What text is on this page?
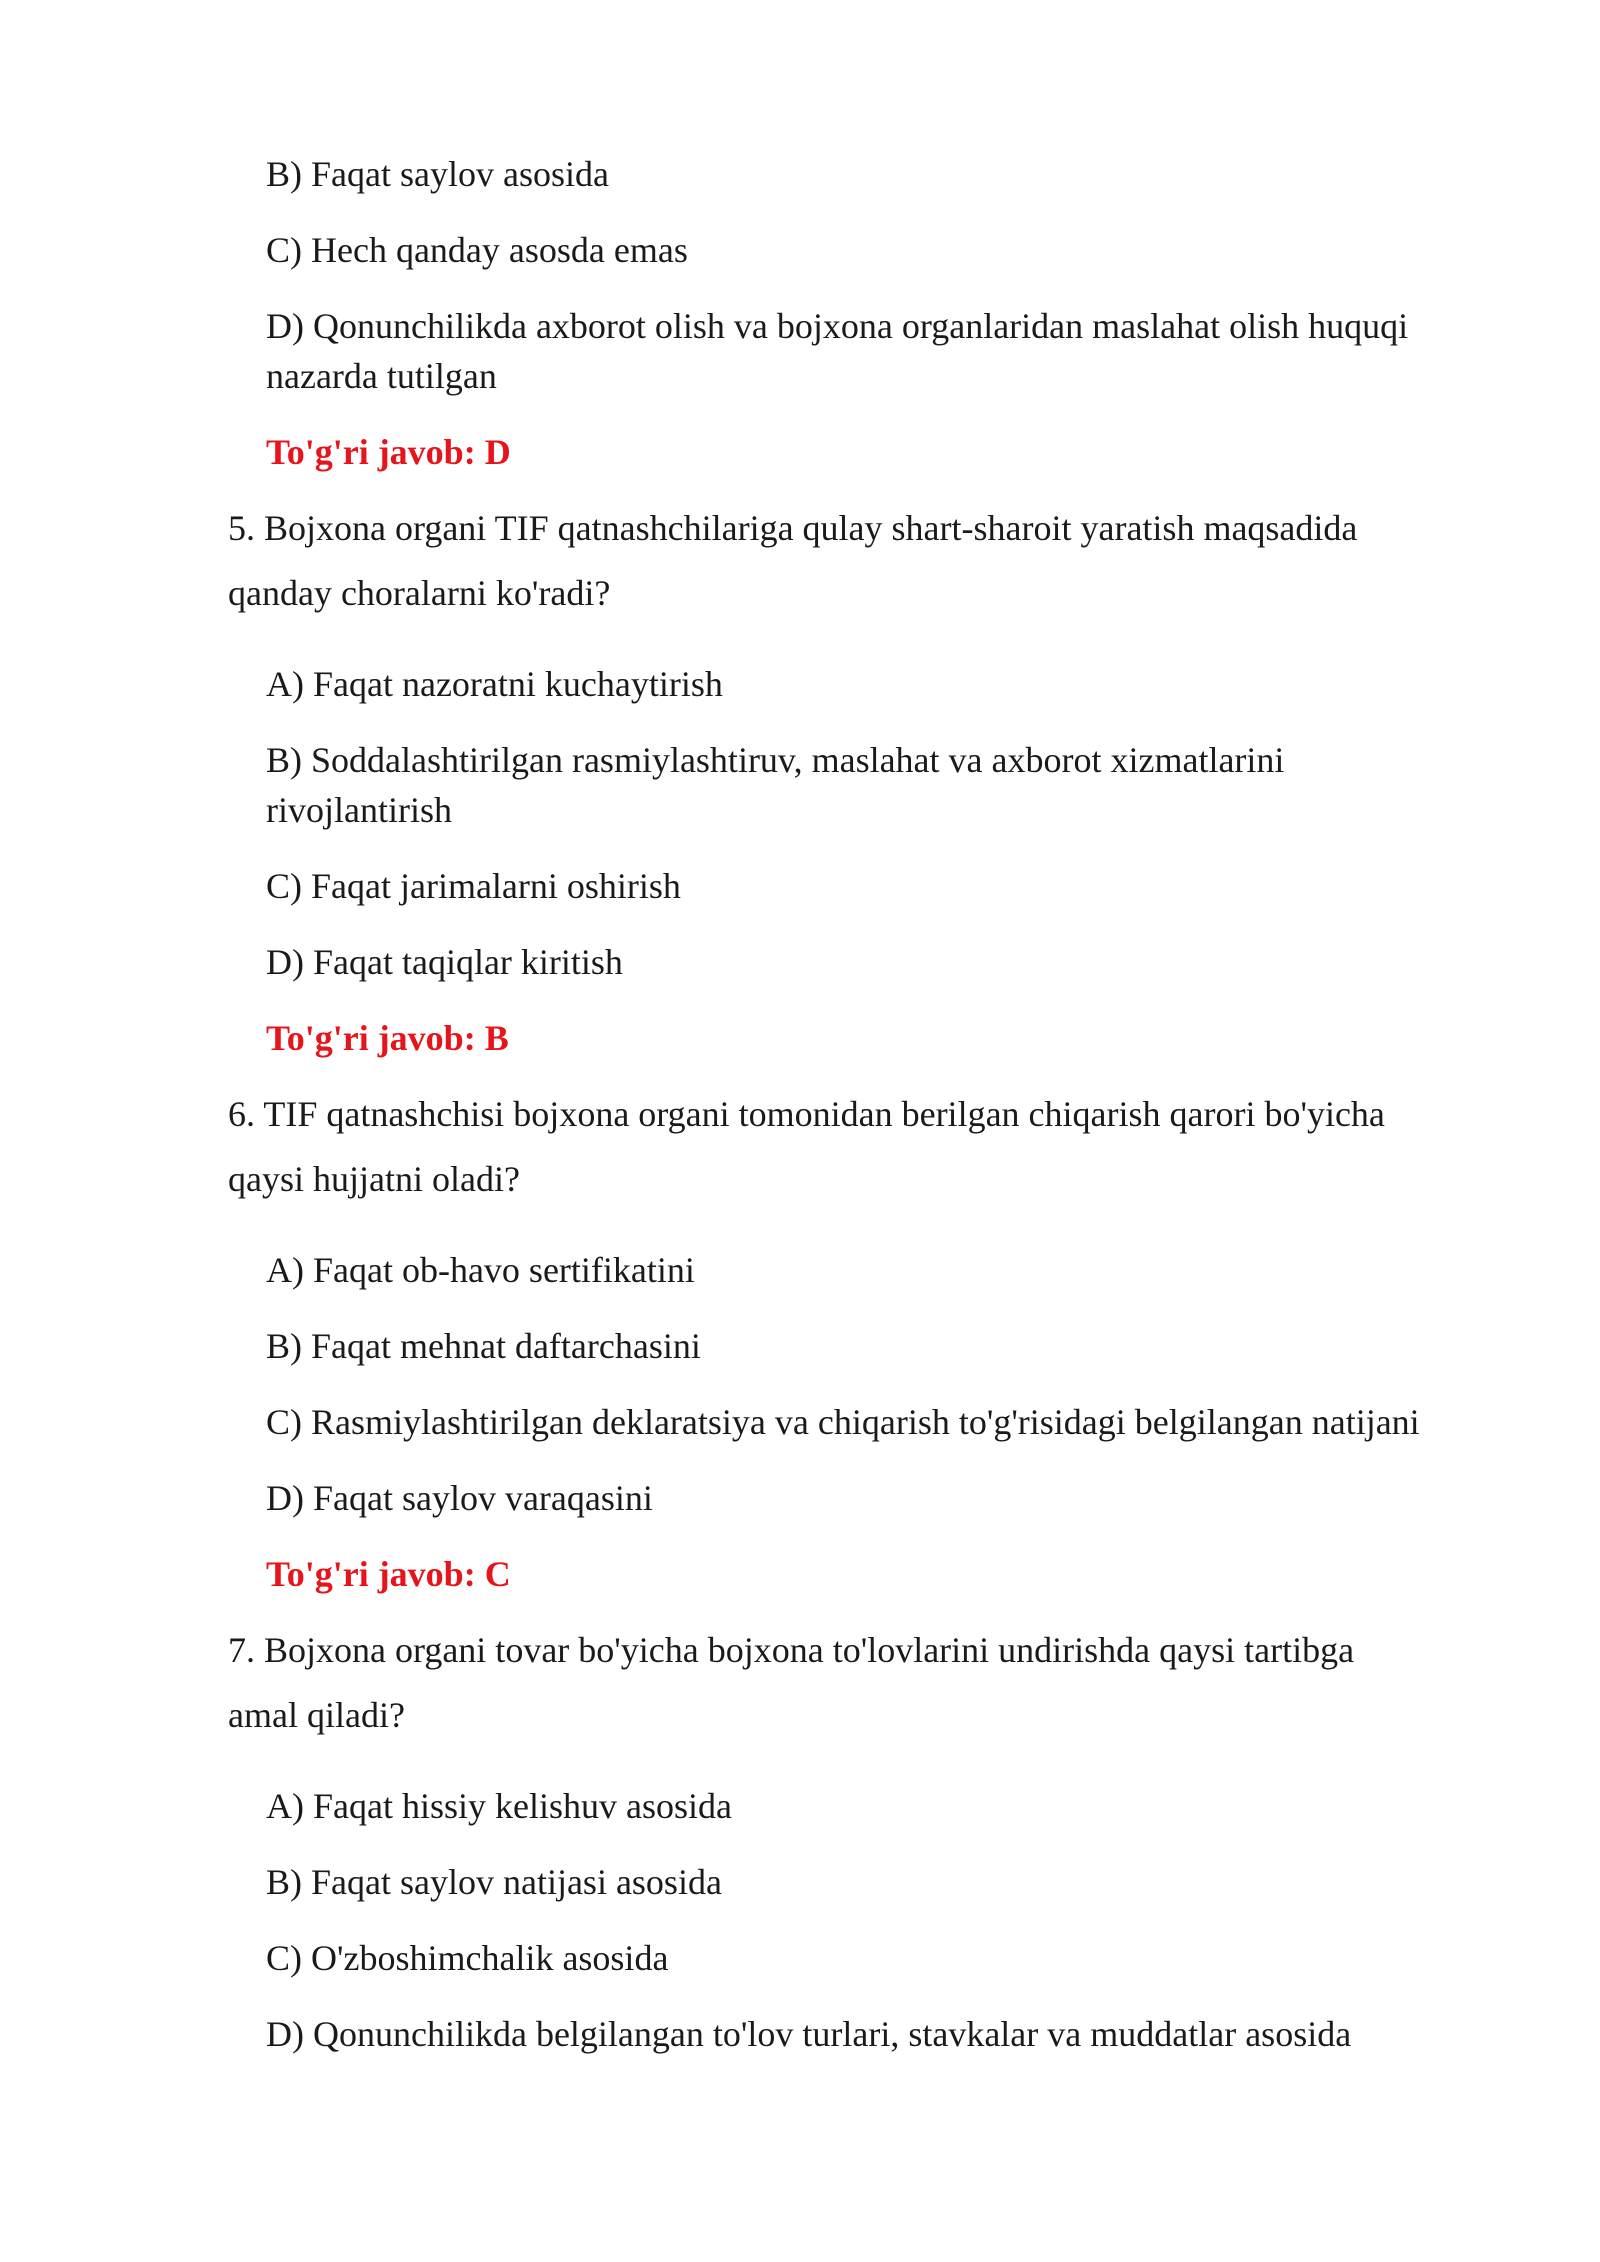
B) Faqat saylov asosida
C) Hech qanday asosda emas
D) Qonunchilikda axborot olish va bojxona organlaridan maslahat olish huquqi
nazarda tutilgan
To'g'ri javob: D
5. Bojxona organi TIF qatnashchilariga qulay shart-sharoit yaratish maqsadida
qanday choralarni ko'radi?
A) Faqat nazoratni kuchaytirish
B) Soddalashtirilgan rasmiylashtiruv, maslahat va axborot xizmatlarini
rivojlantirish
C) Faqat jarimalarni oshirish
D) Faqat taqiqlar kiritish
To'g'ri javob: B
6. TIF qatnashchisi bojxona organi tomonidan berilgan chiqarish qarori bo'yicha
qaysi hujjatni oladi?
A) Faqat ob-havo sertifikatini
B) Faqat mehnat daftarchasini
C) Rasmiylashtirilgan deklaratsiya va chiqarish to'g'risidagi belgilangan natijani
D) Faqat saylov varaqasini
To'g'ri javob: C
7. Bojxona organi tovar bo'yicha bojxona to'lovlarini undirishda qaysi tartibga
amal qiladi?
A) Faqat hissiy kelishuv asosida
B) Faqat saylov natijasi asosida
C) O'zboshimchalik asosida
D) Qonunchilikda belgilangan to'lov turlari, stavkalar va muddatlar asosida
